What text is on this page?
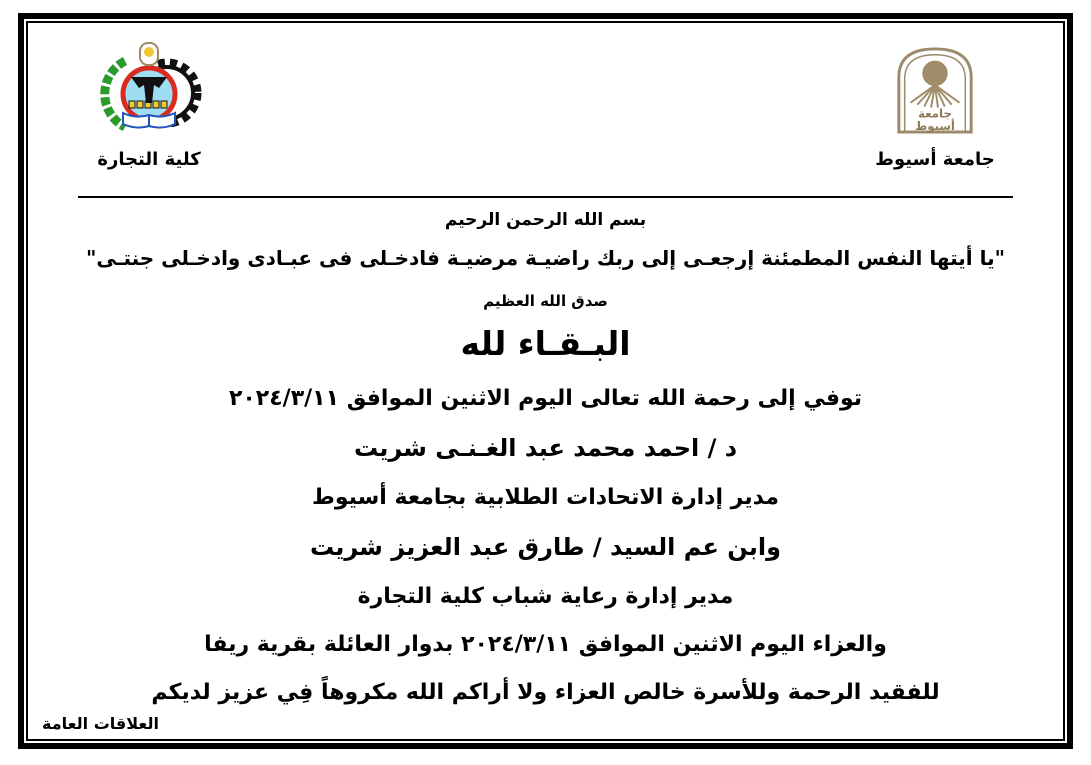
جامعة
أسيوط
جامعة أسيوط
كلية التجارة
بسم الله الرحمن الرحيم
"يا أيتها النفس المطمئنة إرجعـى إلى ربك راضيـة مرضيـة فادخـلى فى عبـادى وادخـلى جنتـى"
صدق الله العظيم
البـقـاء لله
توفي إلى رحمة الله تعالى اليوم الاثنين الموافق ٢٠٢٤/٣/١١
د / احمد محمد عبد الغـنـى شريت
مدير إدارة الاتحادات الطلابية بجامعة أسيوط
وابن عم السيد / طارق عبد العزيز شريت
مدير إدارة رعاية شباب كلية التجارة
والعزاء اليوم الاثنين الموافق ٢٠٢٤/٣/١١ بدوار العائلة بقرية ريفا
للفقيد الرحمة وللأسرة خالص العزاء ولا أراكم الله مكروهاً فِي عزيز لديكم
العلاقات العامة
